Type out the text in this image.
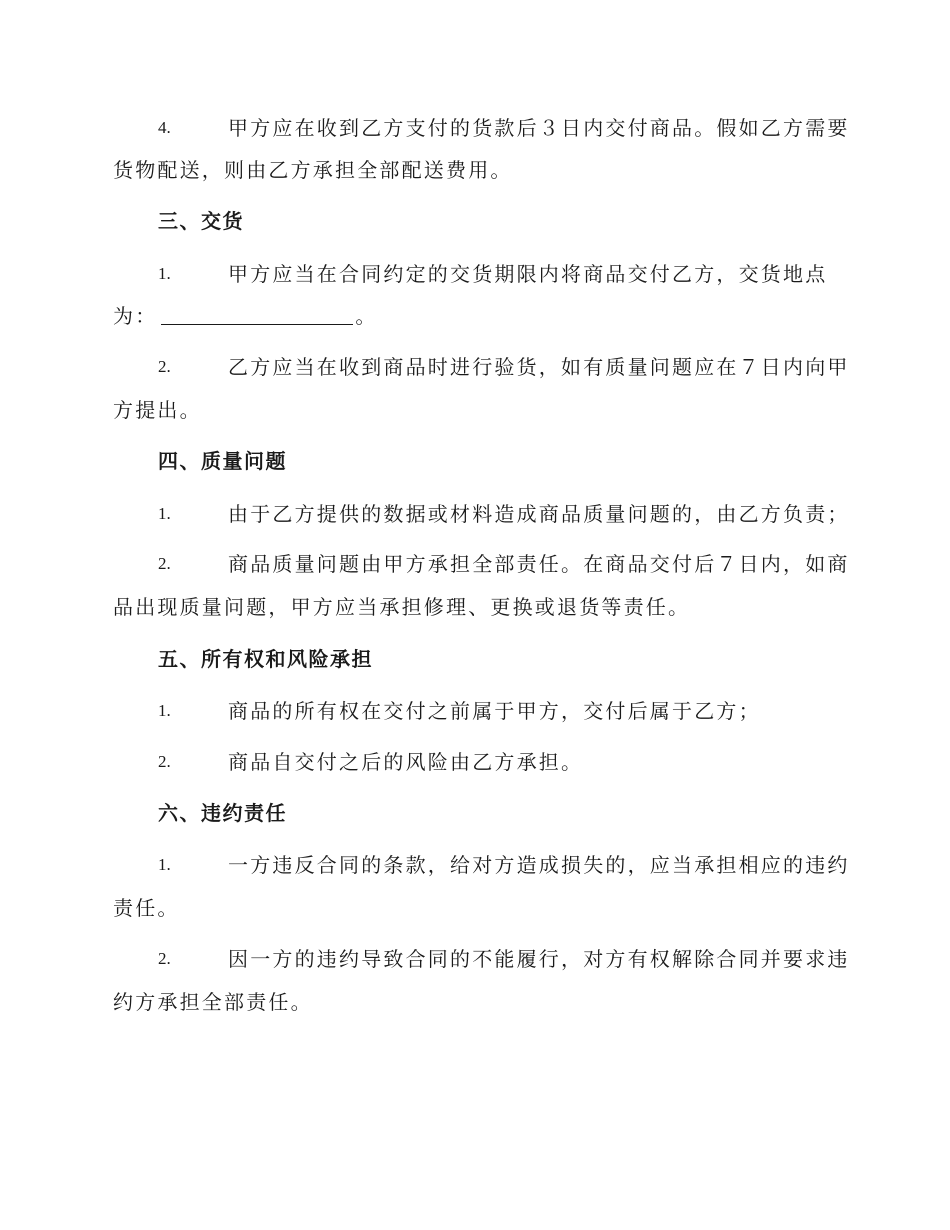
4.	甲方应在收到乙方支付的货款后３日内交付商品。假如乙方需要
货物配送，则由乙方承担全部配送费用。
三、交货
1.	甲方应当在合同约定的交货期限内将商品交付乙方，交货地点
为：	。
2.	乙方应当在收到商品时进行验货，如有质量问题应在７日内向甲
方提出。
四、质量问题
1.	由于乙方提供的数据或材料造成商品质量问题的，由乙方负责；
2.	商品质量问题由甲方承担全部责任。在商品交付后７日内，如商
品出现质量问题，甲方应当承担修理、更换或退货等责任。
五、所有权和风险承担
1.	商品的所有权在交付之前属于甲方，交付后属于乙方；
2.	商品自交付之后的风险由乙方承担。
六、违约责任
1.	一方违反合同的条款，给对方造成损失的，应当承担相应的违约
责任。
2.	因一方的违约导致合同的不能履行，对方有权解除合同并要求违
约方承担全部责任。
